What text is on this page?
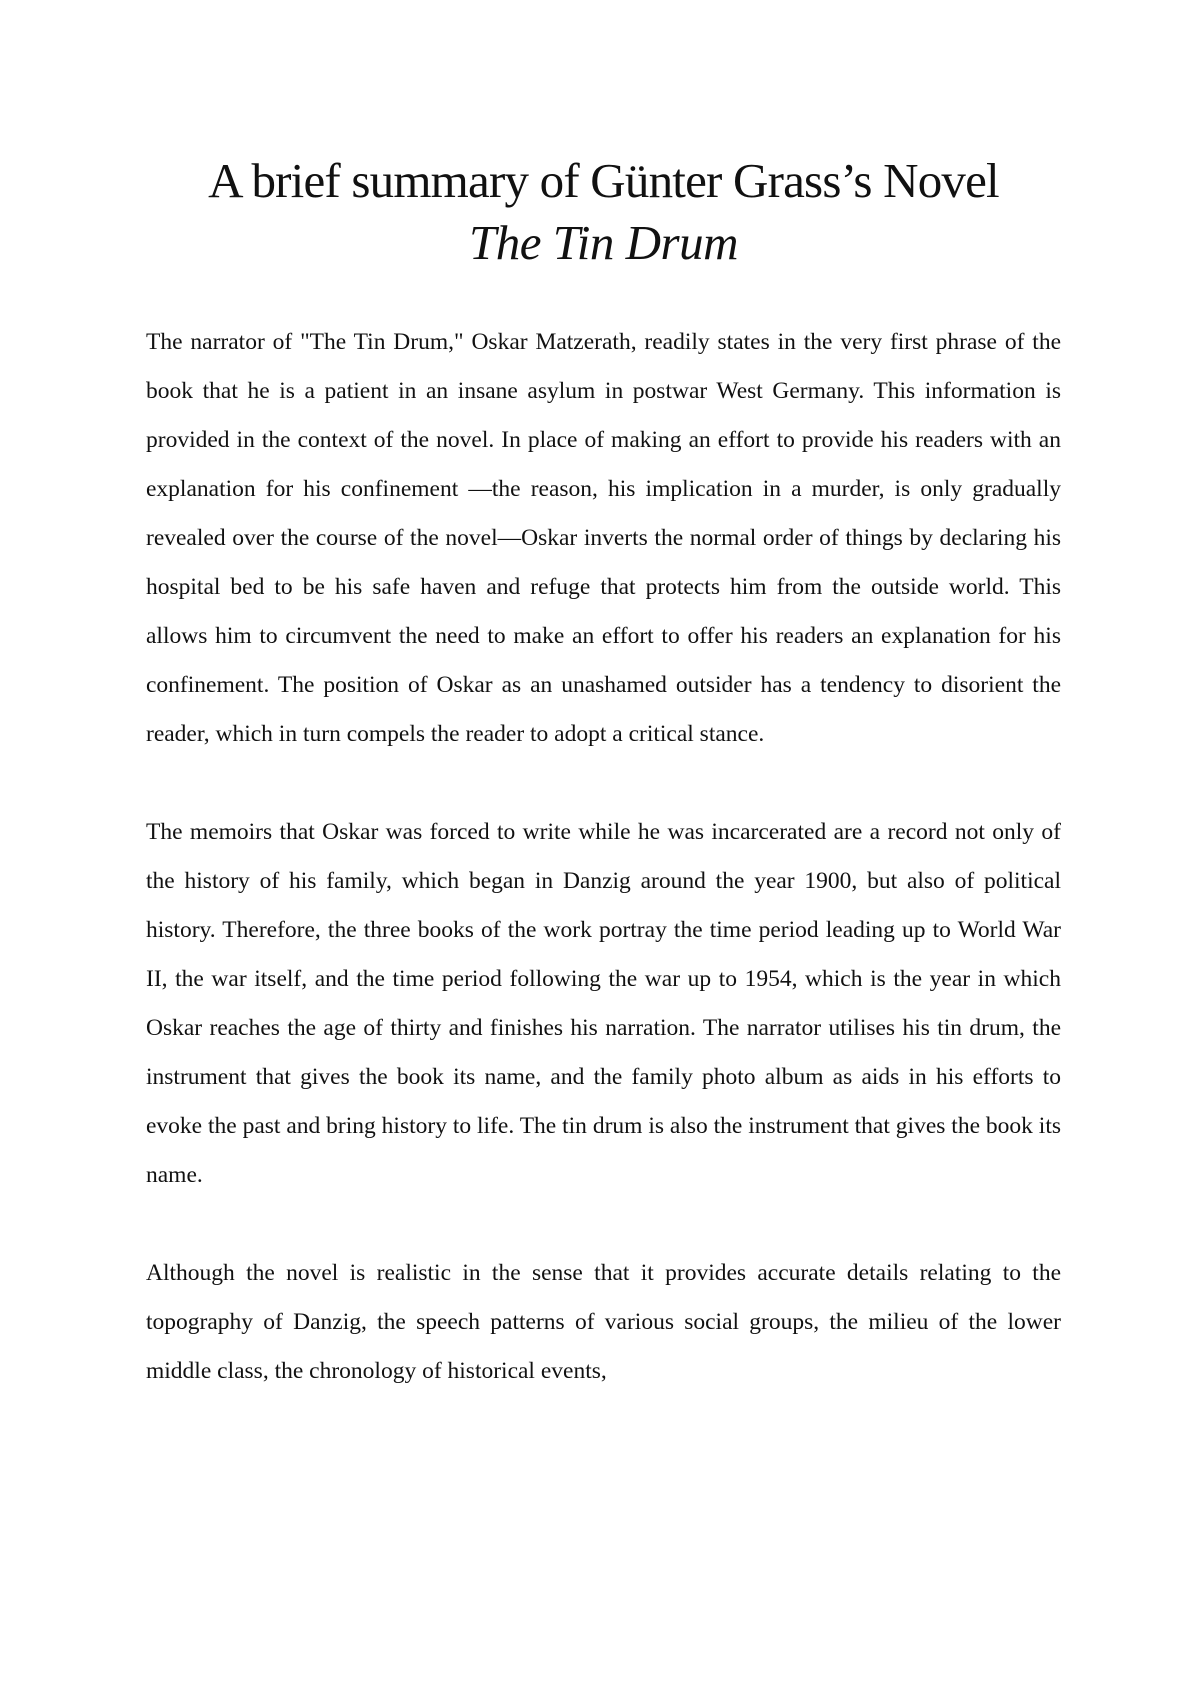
A brief summary of Günter Grass’s Novel
The Tin Drum

The narrator of "The Tin Drum," Oskar Matzerath, readily states in the very first phrase of the book that he is a patient in an insane asylum in postwar West Germany. This information is provided in the context of the novel. In place of making an effort to provide his readers with an explanation for his confinement —the reason, his implication in a murder, is only gradually revealed over the course of the novel—Oskar inverts the normal order of things by declaring his hospital bed to be his safe haven and refuge that protects him from the outside world. This allows him to circumvent the need to make an effort to offer his readers an explanation for his confinement. The position of Oskar as an unashamed outsider has a tendency to disorient the reader, which in turn compels the reader to adopt a critical stance.

The memoirs that Oskar was forced to write while he was incarcerated are a record not only of the history of his family, which began in Danzig around the year 1900, but also of political history. Therefore, the three books of the work portray the time period leading up to World War II, the war itself, and the time period following the war up to 1954, which is the year in which Oskar reaches the age of thirty and finishes his narration. The narrator utilises his tin drum, the instrument that gives the book its name, and the family photo album as aids in his efforts to evoke the past and bring history to life. The tin drum is also the instrument that gives the book its name.

Although the novel is realistic in the sense that it provides accurate details relating to the topography of Danzig, the speech patterns of various social groups, the milieu of the lower middle class, the chronology of historical events,
